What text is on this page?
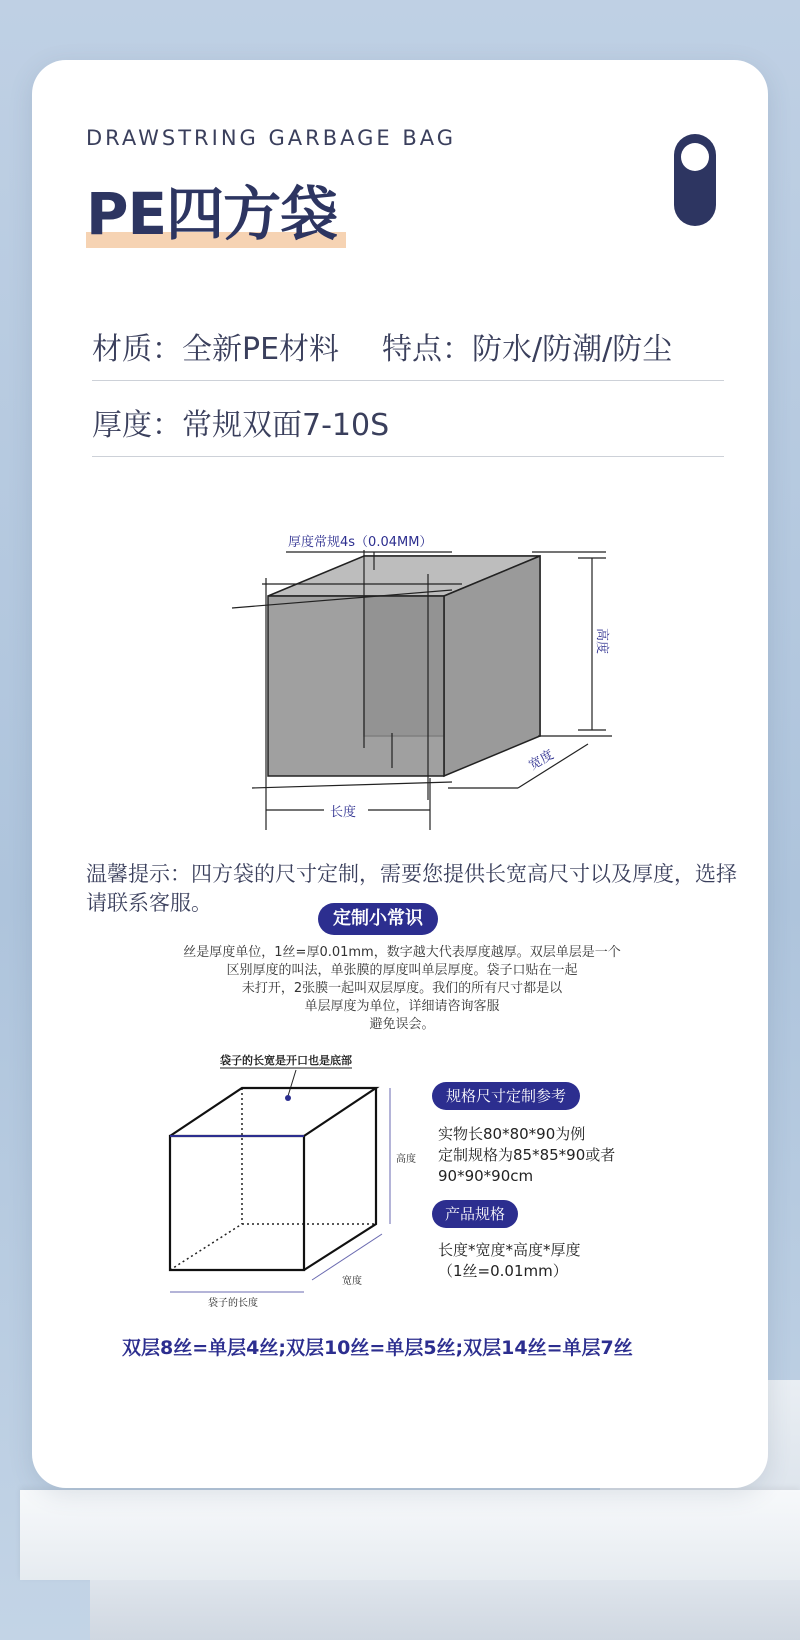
DRAWSTRING GARBAGE BAG
PE四方袋
材质：全新PE材料 特点：防水/防潮/防尘
厚度：常规双面7-10S
厚度常规4s（0.04MM）
高度
宽度
长度
温馨提示：四方袋的尺寸定制，需要您提供长宽高尺寸以及厚度，选择请联系客服。
定制小常识
丝是厚度单位，1丝=厚0.01mm，数字越大代表厚度越厚。双层单层是一个
区别厚度的叫法，单张膜的厚度叫单层厚度。袋子口贴在一起
未打开，2张膜一起叫双层厚度。我们的所有尺寸都是以
单层厚度为单位，详细请咨询客服
避免误会。
袋子的长宽是开口也是底部
高度
宽度
袋子的长度
规格尺寸定制参考
实物长80*80*90为例
定制规格为85*85*90或者
90*90*90cm
产品规格
长度*宽度*高度*厚度
（1丝=0.01mm）
双层8丝=单层4丝;双层10丝=单层5丝;双层14丝=单层7丝
